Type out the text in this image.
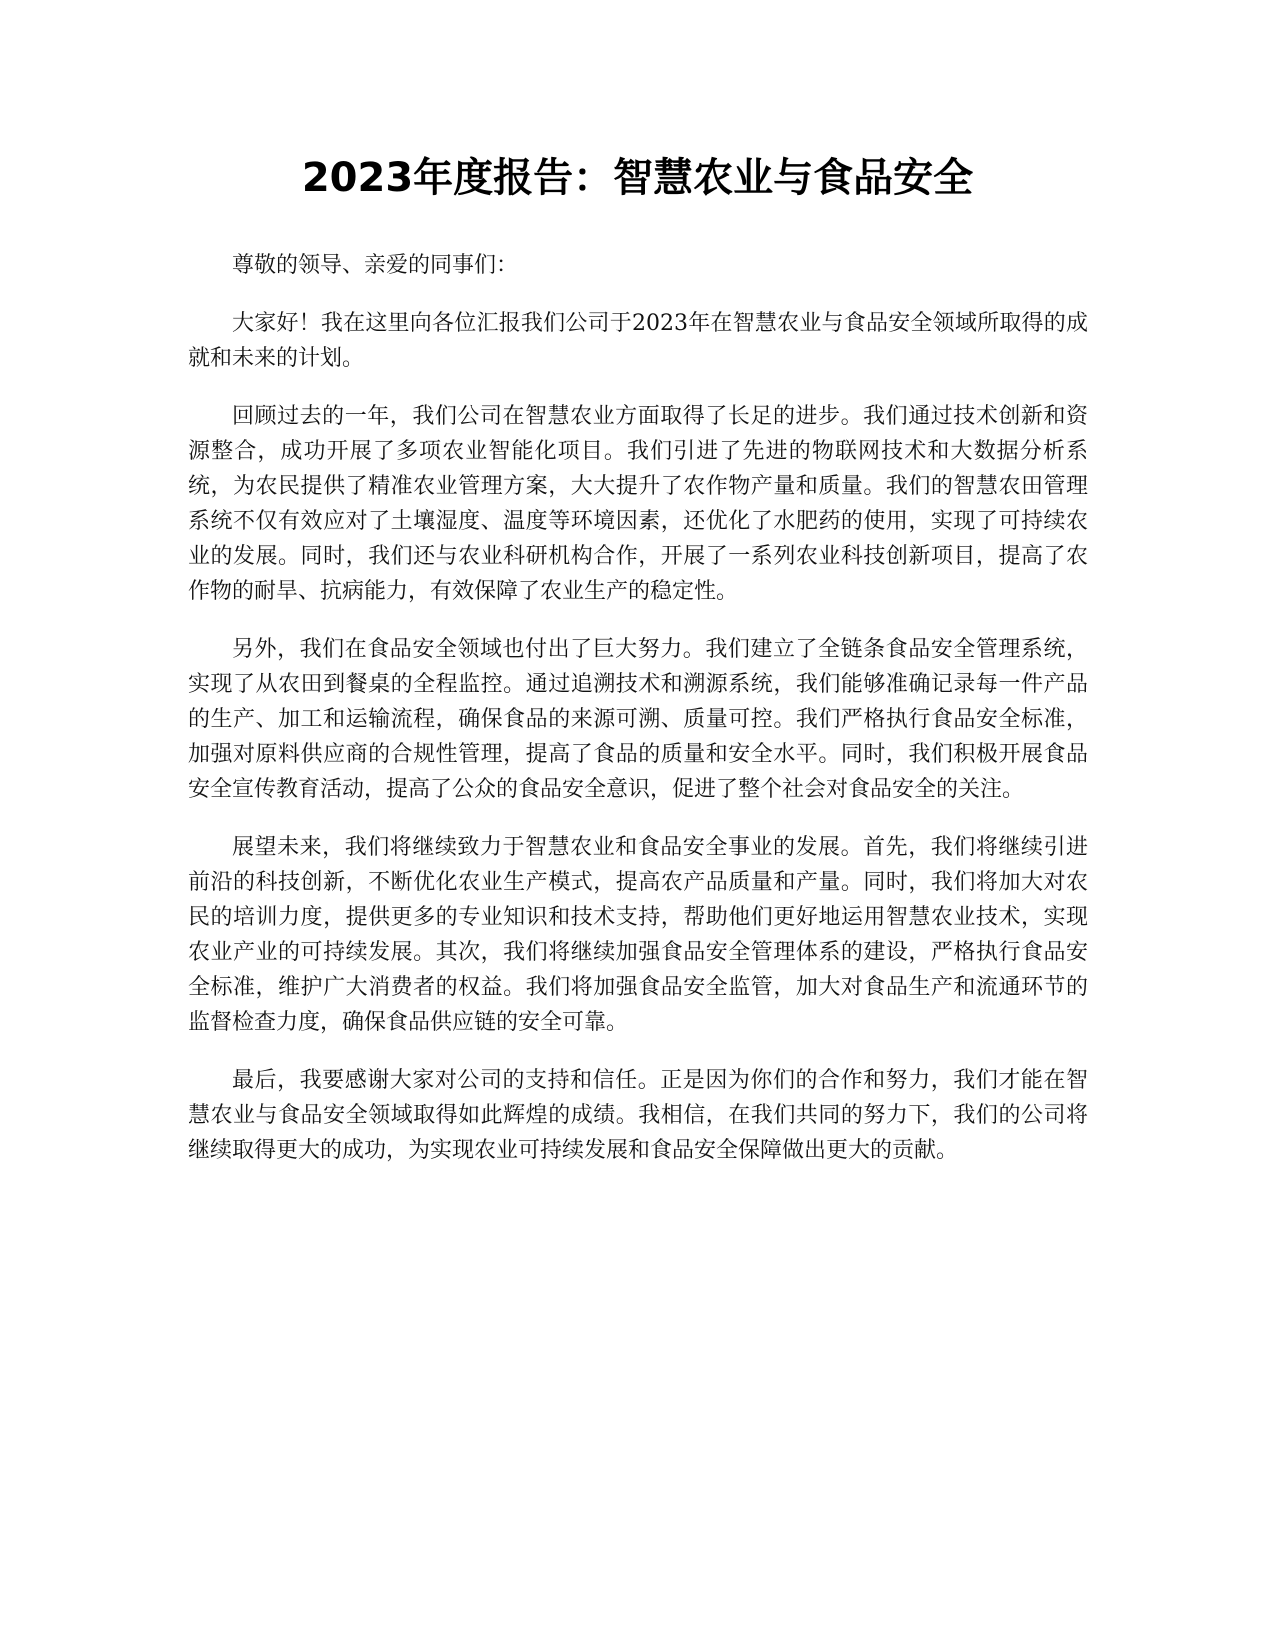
2023年度报告：智慧农业与食品安全

尊敬的领导、亲爱的同事们：

大家好！我在这里向各位汇报我们公司于2023年在智慧农业与食品安全领域所取得的成就和未来的计划。

回顾过去的一年，我们公司在智慧农业方面取得了长足的进步。我们通过技术创新和资源整合，成功开展了多项农业智能化项目。我们引进了先进的物联网技术和大数据分析系统，为农民提供了精准农业管理方案，大大提升了农作物产量和质量。我们的智慧农田管理系统不仅有效应对了土壤湿度、温度等环境因素，还优化了水肥药的使用，实现了可持续农业的发展。同时，我们还与农业科研机构合作，开展了一系列农业科技创新项目，提高了农作物的耐旱、抗病能力，有效保障了农业生产的稳定性。

另外，我们在食品安全领域也付出了巨大努力。我们建立了全链条食品安全管理系统，实现了从农田到餐桌的全程监控。通过追溯技术和溯源系统，我们能够准确记录每一件产品的生产、加工和运输流程，确保食品的来源可溯、质量可控。我们严格执行食品安全标准，加强对原料供应商的合规性管理，提高了食品的质量和安全水平。同时，我们积极开展食品安全宣传教育活动，提高了公众的食品安全意识，促进了整个社会对食品安全的关注。

展望未来，我们将继续致力于智慧农业和食品安全事业的发展。首先，我们将继续引进前沿的科技创新，不断优化农业生产模式，提高农产品质量和产量。同时，我们将加大对农民的培训力度，提供更多的专业知识和技术支持，帮助他们更好地运用智慧农业技术，实现农业产业的可持续发展。其次，我们将继续加强食品安全管理体系的建设，严格执行食品安全标准，维护广大消费者的权益。我们将加强食品安全监管，加大对食品生产和流通环节的监督检查力度，确保食品供应链的安全可靠。

最后，我要感谢大家对公司的支持和信任。正是因为你们的合作和努力，我们才能在智慧农业与食品安全领域取得如此辉煌的成绩。我相信，在我们共同的努力下，我们的公司将继续取得更大的成功，为实现农业可持续发展和食品安全保障做出更大的贡献。
